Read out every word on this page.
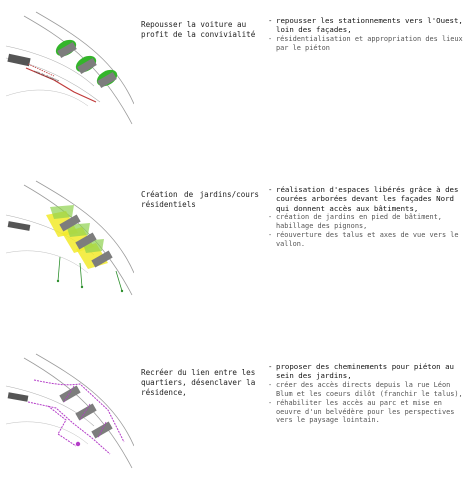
voie de résidence
Repousser la voiture au profit de la convivialité
- repousser les stationnements vers l'Ouest, loin des façades,
- résidentialisation et appropriation des lieux par le piéton
Création de jardins/cours résidentiels
- réalisation d'espaces libérés grâce à des courées arborées devant les façades Nord qui donnent accès aux bâtiments,
- création de jardins en pied de bâtiment, habillage des pignons,
- réouverture des talus et axes de vue vers le vallon.
Recréer du lien entre les quartiers, désenclaver la résidence,
- proposer des cheminements pour piéton au sein des jardins,
- créer des accès directs depuis la rue Léon Blum et les coeurs dilôt (franchir le talus),
- réhabiliter les accès au parc et mise en oeuvre d'un belvédère pour les perspectives vers le paysage lointain.
